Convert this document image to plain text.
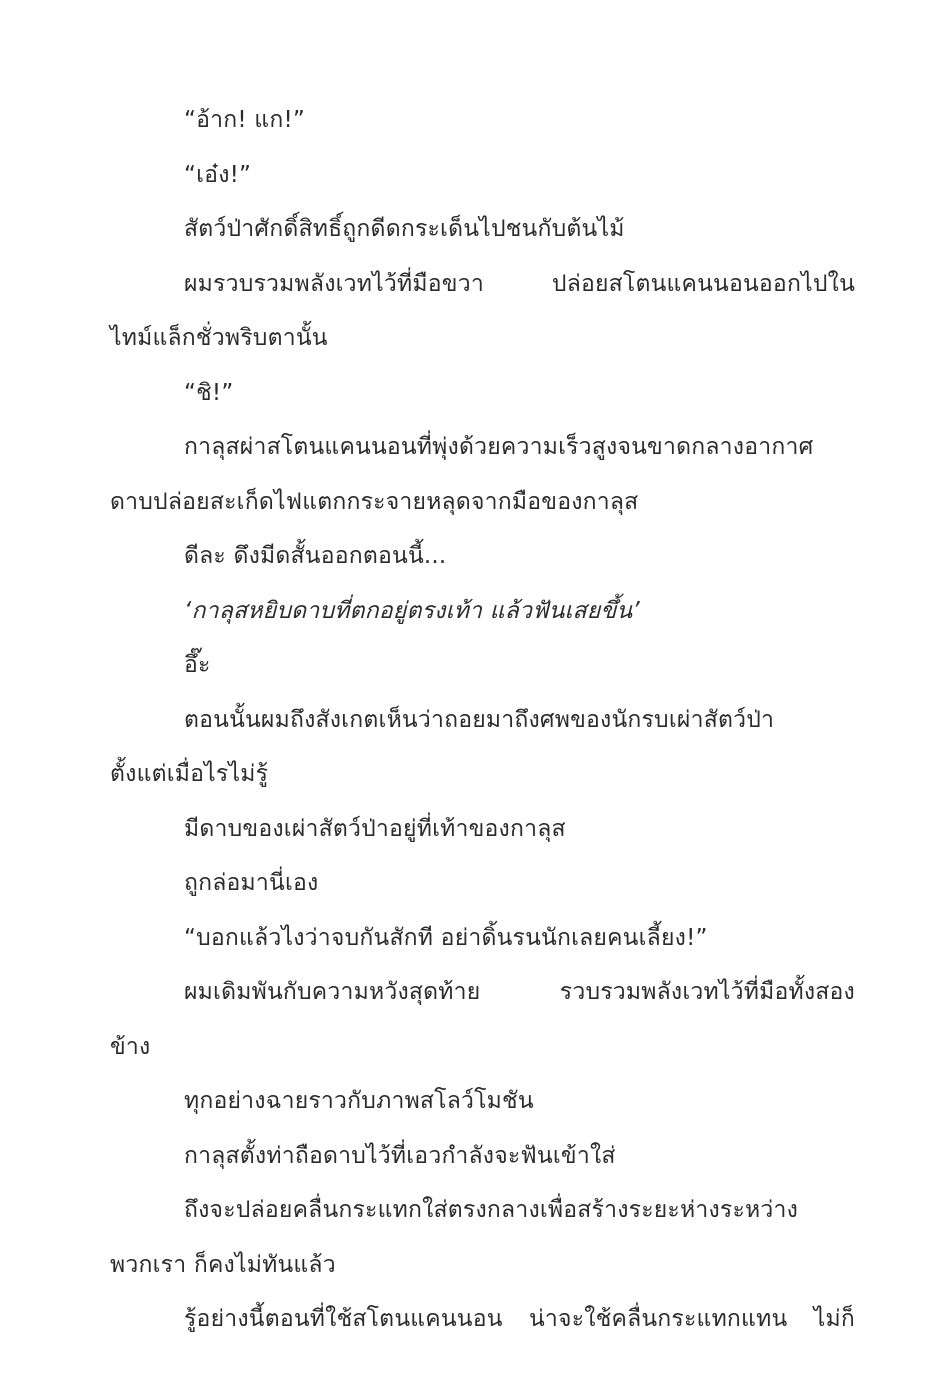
“อ้าก! แก!”
“เอ๋ง!”
สัตว์ป่าศักดิ์สิทธิ์ถูกดีดกระเด็นไปชนกับต้นไม้
ผมรวบรวมพลังเวทไว้ที่มือขวา ปล่อยสโตนแคนนอนออกไปใน
ไทม์แล็กชั่วพริบตานั้น
“ชิ!”
กาลุสผ่าสโตนแคนนอนที่พุ่งด้วยความเร็วสูงจนขาดกลางอากาศ
ดาบปล่อยสะเก็ดไฟแตกกระจายหลุดจากมือของกาลุส
ดีละ ดึงมีดสั้นออกตอนนี้...
‘กาลุสหยิบดาบที่ตกอยู่ตรงเท้า แล้วฟันเสยขึ้น’
อึ๊ะ
ตอนนั้นผมถึงสังเกตเห็นว่าถอยมาถึงศพของนักรบเผ่าสัตว์ป่า
ตั้งแต่เมื่อไรไม่รู้
มีดาบของเผ่าสัตว์ป่าอยู่ที่เท้าของกาลุส
ถูกล่อมานี่เอง
“บอกแล้วไงว่าจบกันสักที อย่าดิ้นรนนักเลยคนเลี้ยง!”
ผมเดิมพันกับความหวังสุดท้าย รวบรวมพลังเวทไว้ที่มือทั้งสอง
ข้าง
ทุกอย่างฉายราวกับภาพสโลว์โมชัน
กาลุสตั้งท่าถือดาบไว้ที่เอวกำลังจะฟันเข้าใส่
ถึงจะปล่อยคลื่นกระแทกใส่ตรงกลางเพื่อสร้างระยะห่างระหว่าง
พวกเรา ก็คงไม่ทันแล้ว
รู้อย่างนี้ตอนที่ใช้สโตนแคนนอน น่าจะใช้คลื่นกระแทกแทน ไม่ก็
